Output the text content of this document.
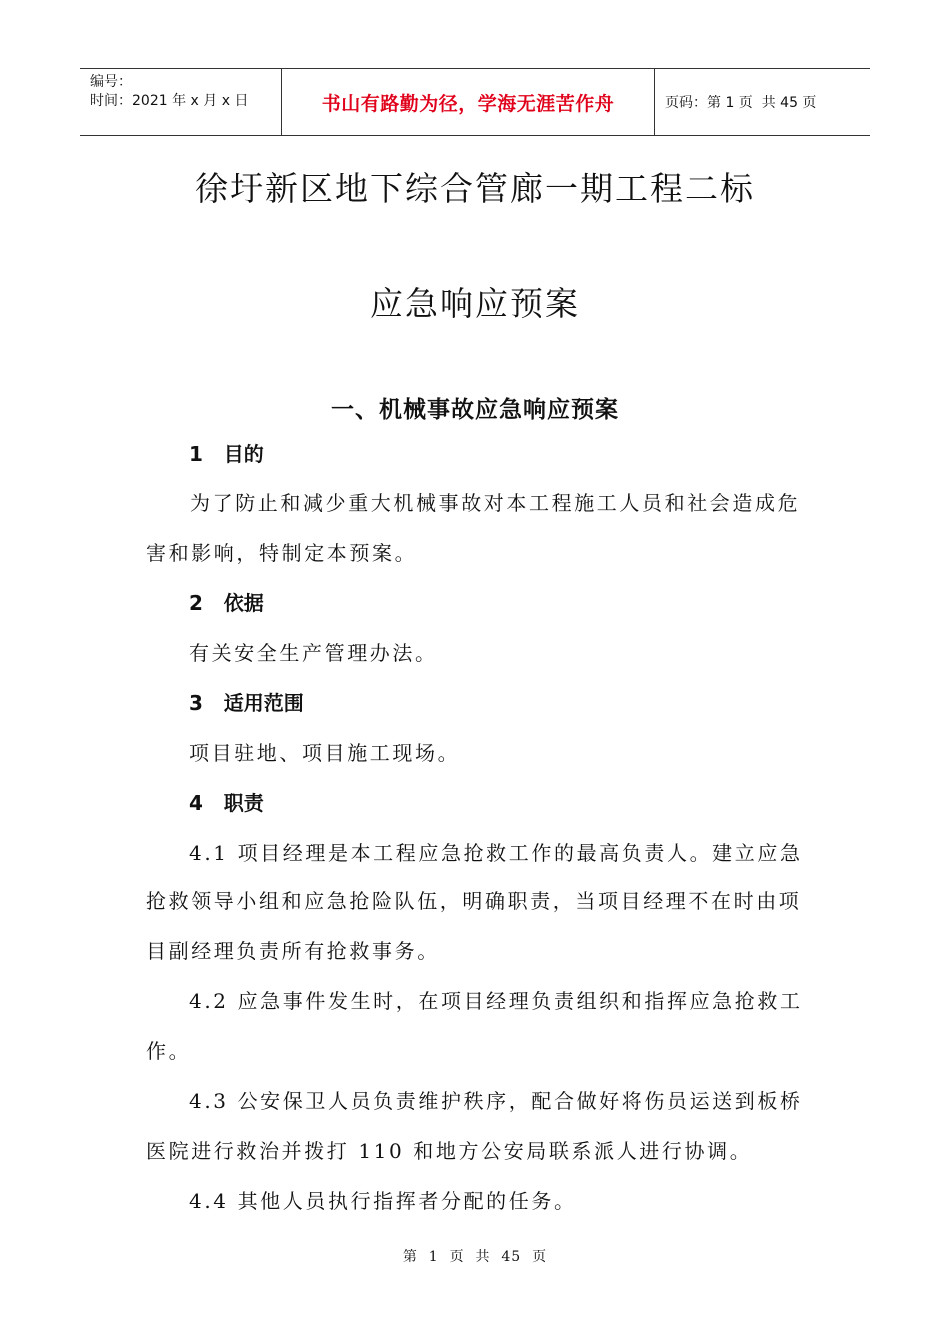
编号：
时间：2021 年 x 月 x 日	书山有路勤为径，学海无涯苦作舟	页码：第 1 页  共 45 页
徐圩新区地下综合管廊一期工程二标
应急响应预案
一、机械事故应急响应预案
1   目的
为了防止和减少重大机械事故对本工程施工人员和社会造成危
害和影响，特制定本预案。
2   依据
有关安全生产管理办法。
3   适用范围
项目驻地、项目施工现场。
4   职责
4.1 项目经理是本工程应急抢救工作的最高负责人。建立应急
抢救领导小组和应急抢险队伍，明确职责，当项目经理不在时由项
目副经理负责所有抢救事务。
4.2 应急事件发生时，在项目经理负责组织和指挥应急抢救工
作。
4.3 公安保卫人员负责维护秩序，配合做好将伤员运送到板桥
医院进行救治并拨打 110 和地方公安局联系派人进行协调。
4.4 其他人员执行指挥者分配的任务。
第  1  页  共  45  页
